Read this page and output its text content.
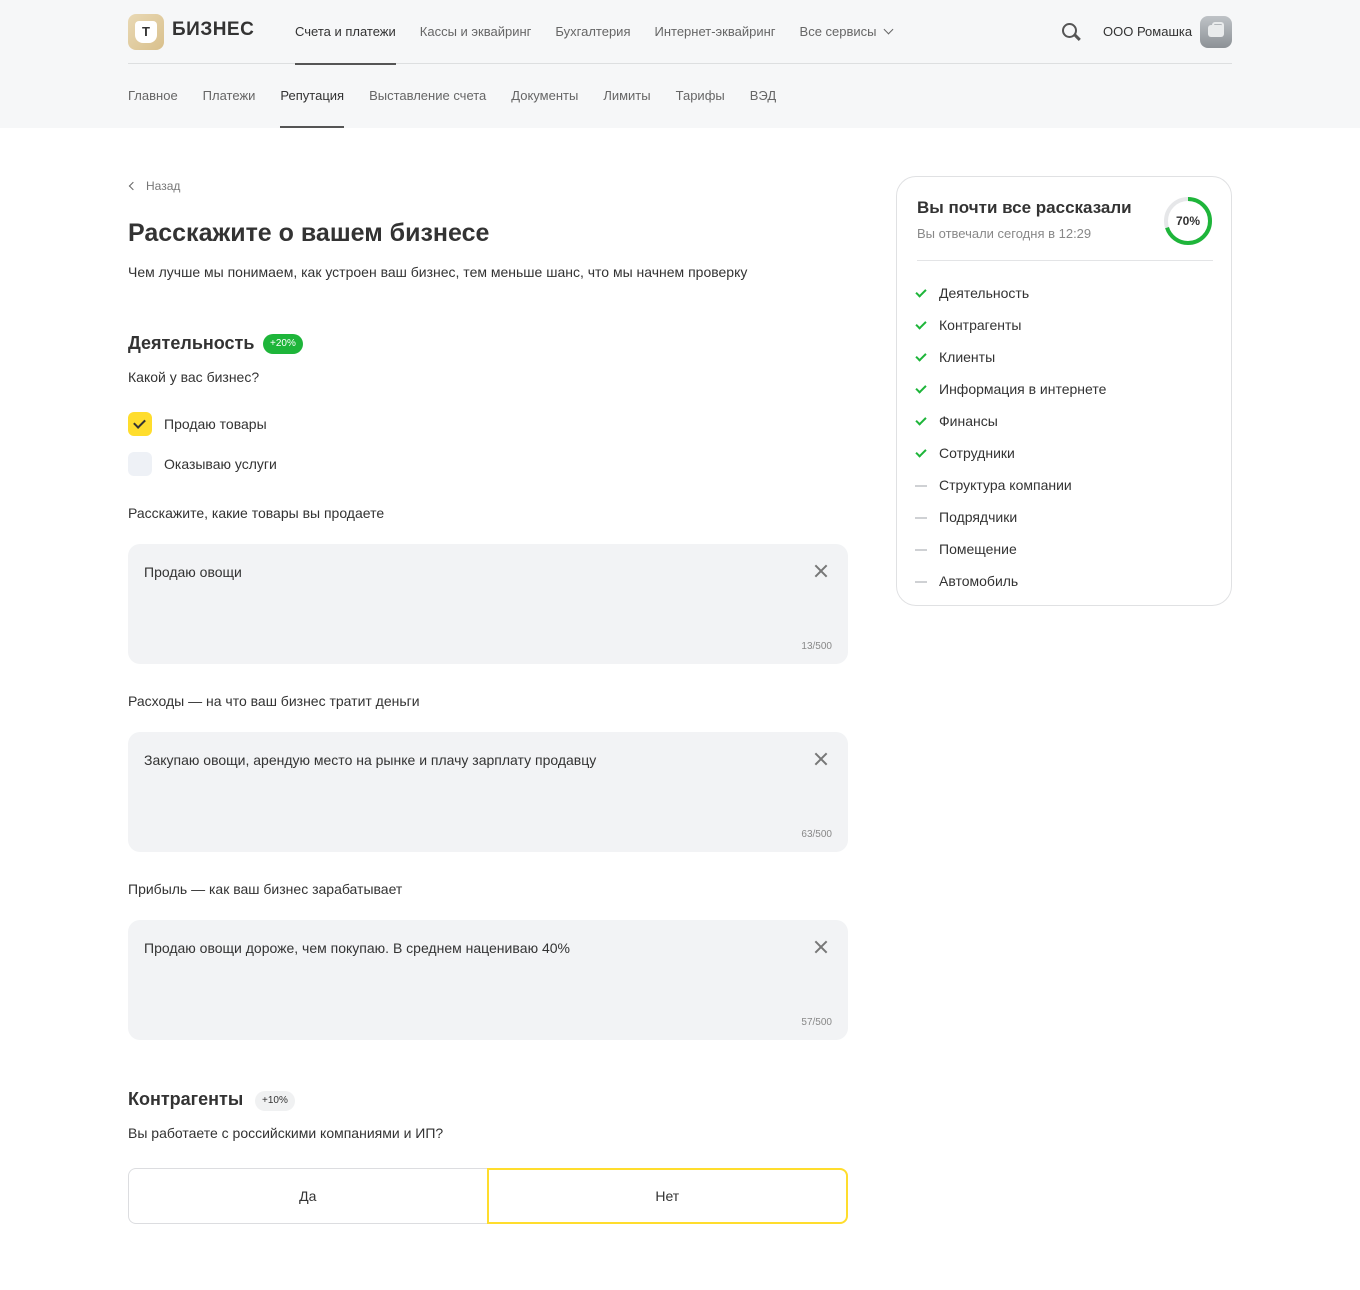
Т	БИЗНЕС	Счета и платежи Кассы и эквайринг Бухгалтерия Интернет-эквайринг Все сервисы	ООО Ромашка
Главное Платежи Репутация Выставление счета Документы Лимиты Тарифы ВЭД
Назад
Расскажите о вашем бизнесе
Чем лучше мы понимаем, как устроен ваш бизнес, тем меньше шанс, что мы начнем проверку
Деятельность	+20%
Какой у вас бизнес?
Продаю товары
Оказываю услуги
Расскажите, какие товары вы продаете
Продаю овощи
13/500
Расходы — на что ваш бизнес тратит деньги
Закупаю овощи, арендую место на рынке и плачу зарплату продавцу
63/500
Прибыль — как ваш бизнес зарабатывает
Продаю овощи дороже, чем покупаю. В среднем наценивaю 40%
57/500
Контрагенты	+10%
Вы работаете с российскими компаниями и ИП?
Да	Нет
Вы почти все рассказали
Вы отвечали сегодня в 12:29
70%
Деятельность
Контрагенты
Клиенты
Информация в интернете
Финансы
Сотрудники
Структура компании
Подрядчики
Помещение
Автомобиль
